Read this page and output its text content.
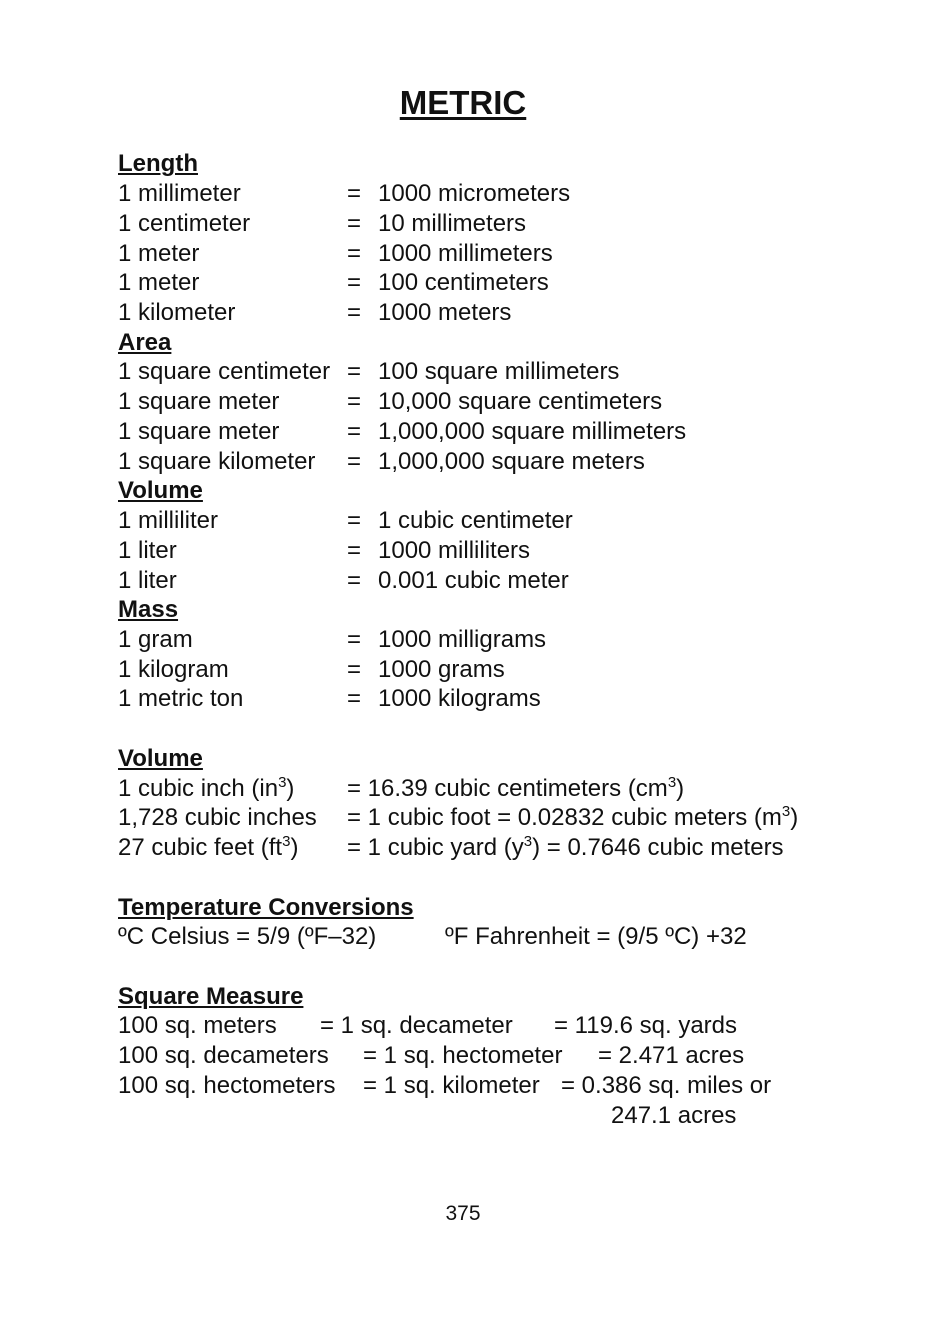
METRIC
Length
1 millimeter	= 1000 micrometers
1 centimeter	= 10 millimeters
1 meter	= 1000 millimeters
1 meter	= 100 centimeters
1 kilometer	= 1000 meters
Area
1 square centimeter = 100 square millimeters
1 square meter	= 10,000 square centimeters
1 square meter	= 1,000,000 square millimeters
1 square kilometer = 1,000,000 square meters
Volume
1 milliliter	= 1 cubic centimeter
1 liter	= 1000 milliliters
1 liter	= 0.001 cubic meter
Mass
1 gram	= 1000 milligrams
1 kilogram	= 1000 grams
1 metric ton	= 1000 kilograms
Volume
1 cubic inch $(in^3) = 16.39$ cubic centimeters $(cm^3)$
1,728 cubic inches = 1 cubic foot = 0.02832 cubic meters $(m^3)$
27 cubic feet $(ft^3) = 1$ cubic yard $(y^3) = 0.7646$ cubic meters
Temperature Conversions
ºC Celsius = 5/9 (ºF–32)	ºF Fahrenheit = (9/5 ºC) +32
Square Measure
100 sq. meters = 1 sq. decameter = 119.6 sq. yards
100 sq. decameters = 1 sq. hectometer = 2.471 acres
100 sq. hectometers = 1 sq. kilometer = 0.386 sq. miles or
247.1 acres
375
